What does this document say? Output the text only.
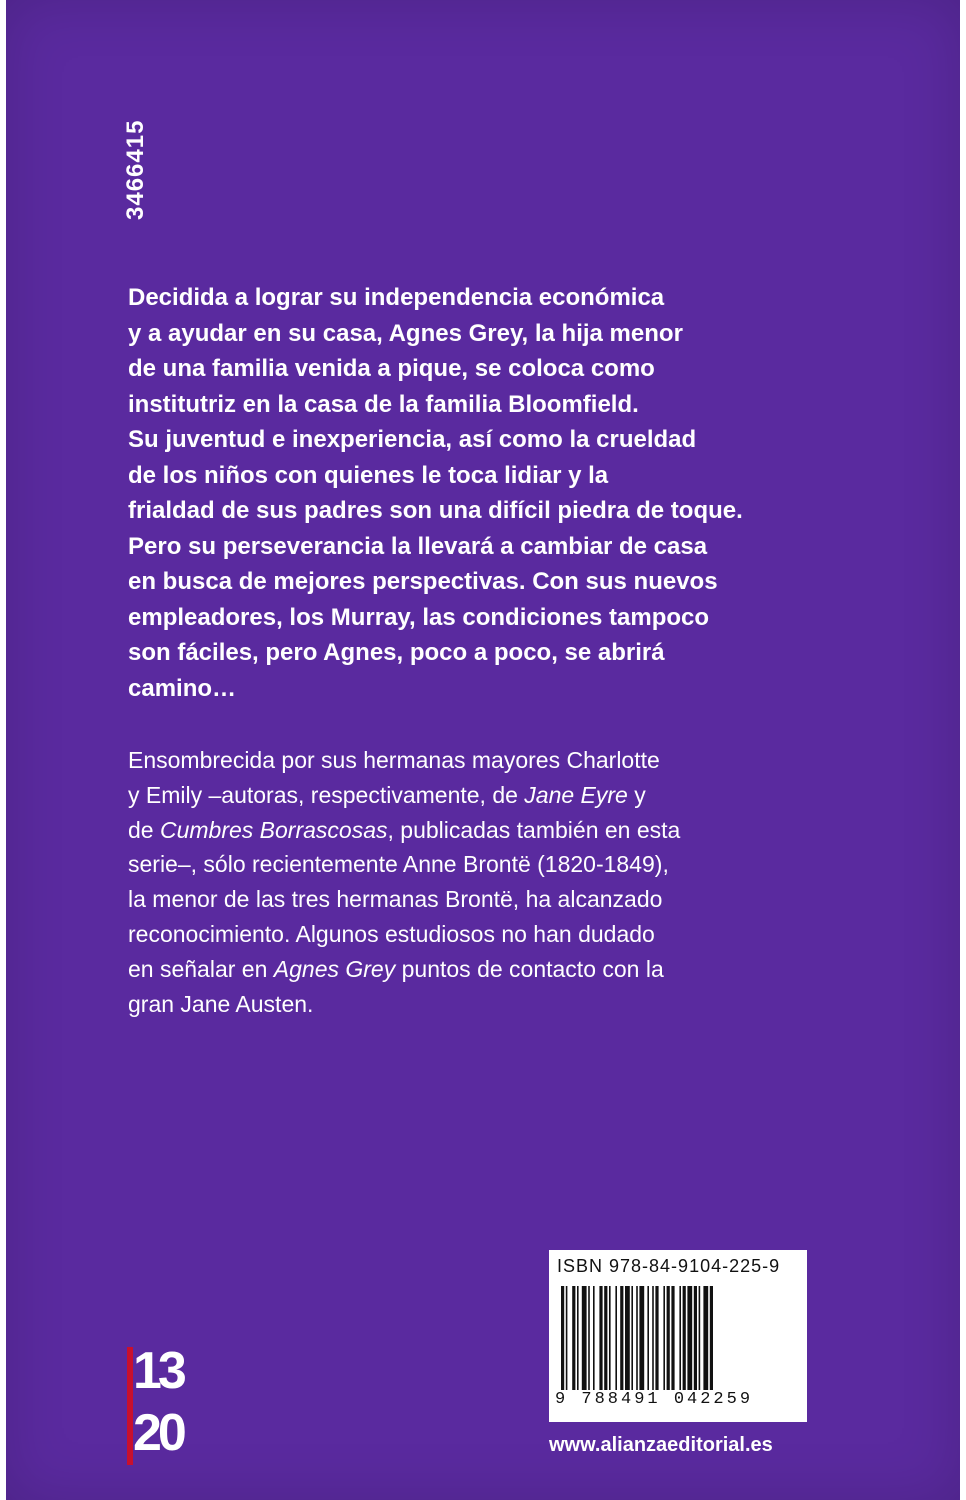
3466415

Decidida a lograr su independencia económica
y a ayudar en su casa, Agnes Grey, la hija menor
de una familia venida a pique, se coloca como
institutriz en la casa de la familia Bloomfield.
Su juventud e inexperiencia, así como la crueldad
de los niños con quienes le toca lidiar y la
frialdad de sus padres son una difícil piedra de toque.
Pero su perseverancia la llevará a cambiar de casa
en busca de mejores perspectivas. Con sus nuevos
empleadores, los Murray, las condiciones tampoco
son fáciles, pero Agnes, poco a poco, se abrirá
camino…

Ensombrecida por sus hermanas mayores Charlotte
y Emily –autoras, respectivamente, de Jane Eyre y
de Cumbres Borrascosas, publicadas también en esta
serie–, sólo recientemente Anne Brontë (1820-1849),
la menor de las tres hermanas Brontë, ha alcanzado
reconocimiento. Algunos estudiosos no han dudado
en señalar en Agnes Grey puntos de contacto con la
gran Jane Austen.

13
20
ISBN 978-84-9104-225-9
9 788491 042259
www.alianzaeditorial.es
